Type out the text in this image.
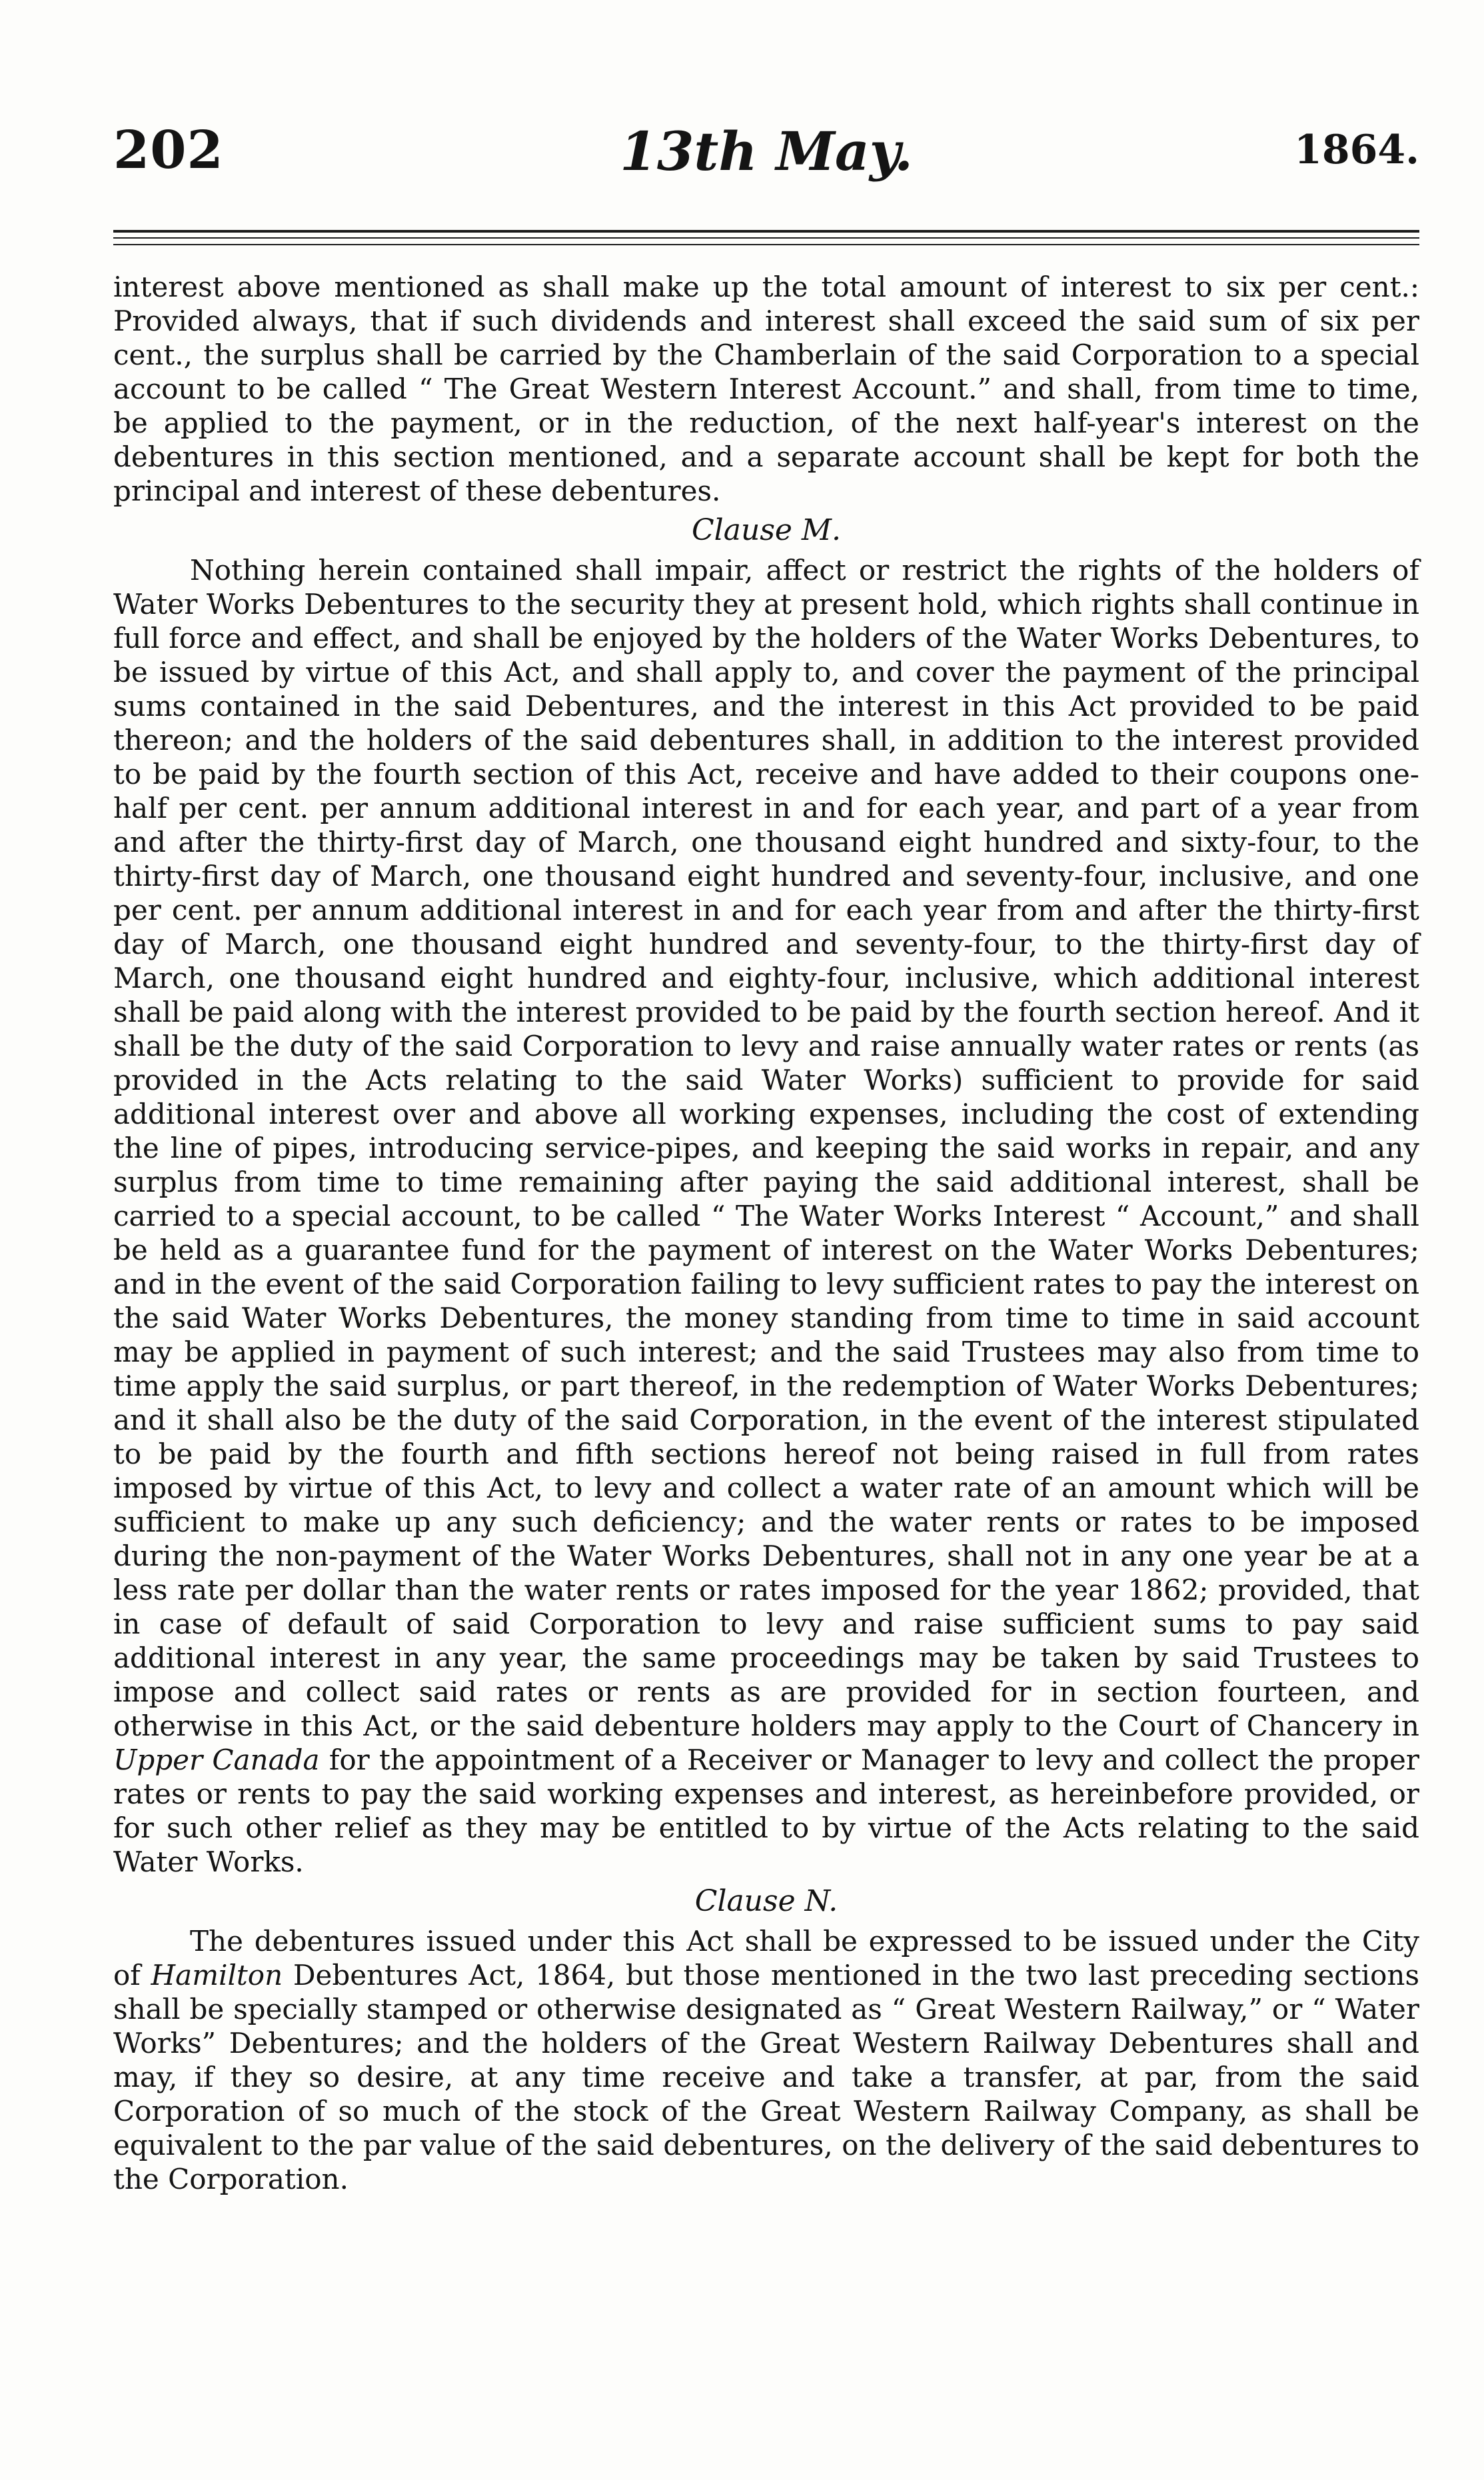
202	13th May.	1864.

interest above mentioned as shall make up the total amount of interest to six per cent.: Provided always, that if such dividends and interest shall exceed the said sum of six per cent., the surplus shall be carried by the Chamberlain of the said Corporation to a special account to be called “ The Great Western Interest Account.” and shall, from time to time, be applied to the payment, or in the reduction, of the next half-year's interest on the debentures in this section mentioned, and a separate account shall be kept for both the principal and interest of these debentures.

Clause M.

Nothing herein contained shall impair, affect or restrict the rights of the holders of Water Works Debentures to the security they at present hold, which rights shall continue in full force and effect, and shall be enjoyed by the holders of the Water Works Debentures, to be issued by virtue of this Act, and shall apply to, and cover the payment of the principal sums contained in the said Debentures, and the interest in this Act provided to be paid thereon; and the holders of the said debentures shall, in addition to the interest provided to be paid by the fourth section of this Act, receive and have added to their coupons one-half per cent. per annum additional interest in and for each year, and part of a year from and after the thirty-first day of March, one thousand eight hundred and sixty-four, to the thirty-first day of March, one thousand eight hundred and seventy-four, inclusive, and one per cent. per annum additional interest in and for each year from and after the thirty-first day of March, one thousand eight hundred and seventy-four, to the thirty-first day of March, one thousand eight hundred and eighty-four, inclusive, which additional interest shall be paid along with the interest provided to be paid by the fourth section hereof. And it shall be the duty of the said Corporation to levy and raise annually water rates or rents (as provided in the Acts relating to the said Water Works) sufficient to provide for said additional interest over and above all working expenses, including the cost of extending the line of pipes, introducing service-pipes, and keeping the said works in repair, and any surplus from time to time remaining after paying the said additional interest, shall be carried to a special account, to be called “ The Water Works Interest “ Account,” and shall be held as a guarantee fund for the payment of interest on the Water Works Debentures; and in the event of the said Corporation failing to levy sufficient rates to pay the interest on the said Water Works Debentures, the money standing from time to time in said account may be applied in payment of such interest; and the said Trustees may also from time to time apply the said surplus, or part thereof, in the redemption of Water Works Debentures; and it shall also be the duty of the said Corporation, in the event of the interest stipulated to be paid by the fourth and fifth sections hereof not being raised in full from rates imposed by virtue of this Act, to levy and collect a water rate of an amount which will be sufficient to make up any such deficiency; and the water rents or rates to be imposed during the non-payment of the Water Works Debentures, shall not in any one year be at a less rate per dollar than the water rents or rates imposed for the year 1862; provided, that in case of default of said Corporation to levy and raise sufficient sums to pay said additional interest in any year, the same proceedings may be taken by said Trustees to impose and collect said rates or rents as are provided for in section fourteen, and otherwise in this Act, or the said debenture holders may apply to the Court of Chancery in Upper Canada for the appointment of a Receiver or Manager to levy and collect the proper rates or rents to pay the said working expenses and interest, as hereinbefore provided, or for such other relief as they may be entitled to by virtue of the Acts relating to the said Water Works.

Clause N.

The debentures issued under this Act shall be expressed to be issued under the City of Hamilton Debentures Act, 1864, but those mentioned in the two last preceding sections shall be specially stamped or otherwise designated as “ Great Western Railway,” or “ Water Works” Debentures; and the holders of the Great Western Railway Debentures shall and may, if they so desire, at any time receive and take a transfer, at par, from the said Corporation of so much of the stock of the Great Western Railway Company, as shall be equivalent to the par value of the said debentures, on the delivery of the said debentures to the Corporation.
